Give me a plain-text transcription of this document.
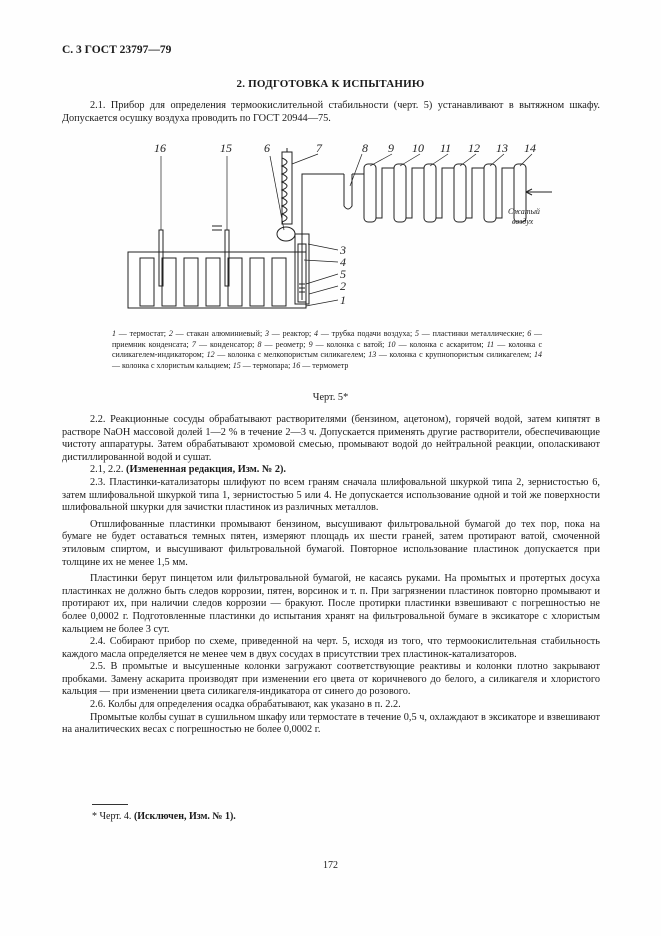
С. 3 ГОСТ 23797—79
2. ПОДГОТОВКА К ИСПЫТАНИЮ

2.1. Прибор для определения термоокислительной стабильности (черт. 5) устанавливают в вытяжном шкафу. Допускается осушку воздуха проводить по ГОСТ 20944—75.

16	15	6	7	8 9 10 11 12 13 14
3
4
5
2
1
Сжатый
воздух
1 — термостат; 2 — стакан алюминиевый; 3 — реактор; 4 — трубка подачи воздуха; 5 — пластинки металлические; 6 — приемник конденсата; 7 — конденсатор; 8 — реометр; 9 — колонка с ватой; 10 — колонка с аскаритом; 11 — колонка с силикагелем-индикатором; 12 — колонка с мелкопористым силикагелем; 13 — колонка с крупнопористым силикагелем; 14 — колонка с хлористым кальцием; 15 — термопара; 16 — термометр
Черт. 5*

2.2. Реакционные сосуды обрабатывают растворителями (бензином, ацетоном), горячей водой, затем кипятят в растворе NaOH массовой долей 1—2 % в течение 2—3 ч. Допускается применять другие растворители, обеспечивающие чистоту аппаратуры. Затем обрабатывают хромовой смесью, промывают водой до нейтральной реакции, ополаскивают дистиллированной водой и сушат.

2.1, 2.2. (Измененная редакция, Изм. № 2).

2.3. Пластинки-катализаторы шлифуют по всем граням сначала шлифовальной шкуркой типа 2, зернистостью 6, затем шлифовальной шкуркой типа 1, зернистостью 5 или 4. Не допускается использование одной и той же поверхности шлифовальной шкурки для зачистки пластинок из различных металлов.

Отшлифованные пластинки промывают бензином, высушивают фильтровальной бумагой до тех пор, пока на бумаге не будет оставаться темных пятен, измеряют площадь их шести граней, затем протирают ватой, смоченной этиловым спиртом, и высушивают фильтровальной бумагой. Повторное использование пластинок допускается при толщине их не менее 1,5 мм.

Пластинки берут пинцетом или фильтровальной бумагой, не касаясь руками. На промытых и протертых досуха пластинках не должно быть следов коррозии, пятен, ворсинок и т. п. При загрязнении пластинок повторно промывают и протирают их, при наличии следов коррозии — бракуют. После протирки пластинки взвешивают с погрешностью не более 0,0002 г. Подготовленные пластинки до испытания хранят на фильтровальной бумаге в эксикаторе с хлористым кальцием не более 3 сут.

2.4. Собирают прибор по схеме, приведенной на черт. 5, исходя из того, что термоокислительная стабильность каждого масла определяется не менее чем в двух сосудах в присутствии трех пластинок-катализаторов.

2.5. В промытые и высушенные колонки загружают соответствующие реактивы и колонки плотно закрывают пробками. Замену аскарита производят при изменении его цвета от коричневого до белого, а силикагеля и хлористого кальция — при изменении цвета силикагеля-индикатора от синего до розового.

2.6. Колбы для определения осадка обрабатывают, как указано в п. 2.2.

Промытые колбы сушат в сушильном шкафу или термостате в течение 0,5 ч, охлаждают в эксикаторе и взвешивают на аналитических весах с погрешностью не более 0,0002 г.

* Черт. 4. (Исключен, Изм. № 1).
172
